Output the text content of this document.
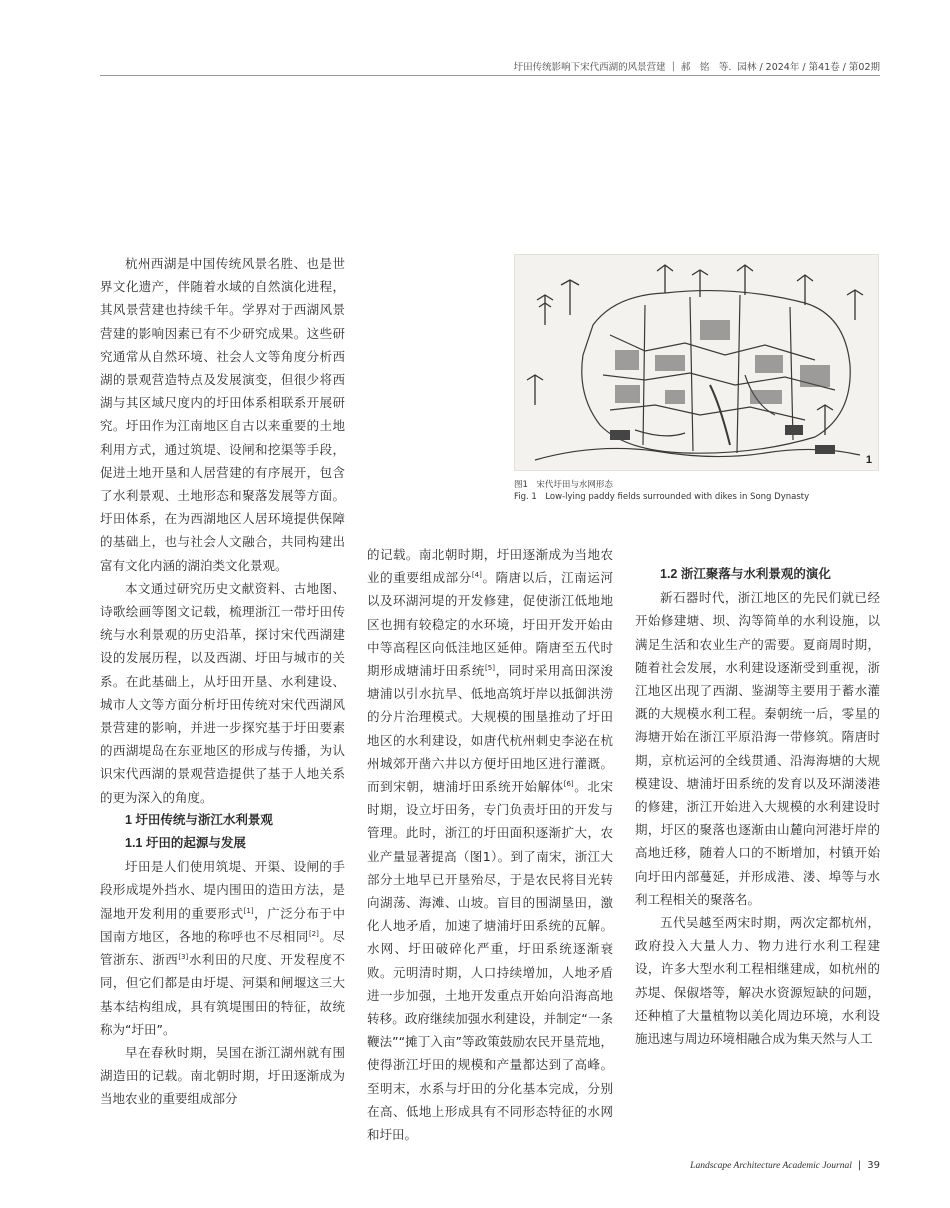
圩田传统影响下宋代西湖的风景营建 | 郝　铭　等. 园林 / 2024年 / 第41卷 / 第02期

杭州西湖是中国传统风景名胜、也是世界文化遗产，伴随着水域的自然演化进程，其风景营建也持续千年。学界对于西湖风景营建的影响因素已有不少研究成果。这些研究通常从自然环境、社会人文等角度分析西湖的景观营造特点及发展演变，但很少将西湖与其区域尺度内的圩田体系相联系开展研究。圩田作为江南地区自古以来重要的土地利用方式，通过筑堤、设闸和挖渠等手段，促进土地开垦和人居营建的有序展开，包含了水利景观、土地形态和聚落发展等方面。圩田体系，在为西湖地区人居环境提供保障的基础上，也与社会人文融合，共同构建出富有文化内涵的湖泊类文化景观。

本文通过研究历史文献资料、古地图、诗歌绘画等图文记载，梳理浙江一带圩田传统与水利景观的历史沿革，探讨宋代西湖建设的发展历程，以及西湖、圩田与城市的关系。在此基础上，从圩田开垦、水利建设、城市人文等方面分析圩田传统对宋代西湖风景营建的影响，并进一步探究基于圩田要素的西湖堤岛在东亚地区的形成与传播，为认识宋代西湖的景观营造提供了基于人地关系的更为深入的角度。

1 圩田传统与浙江水利景观

1.1 圩田的起源与发展

圩田是人们使用筑堤、开渠、设闸的手段形成堤外挡水、堤内围田的造田方法，是湿地开发利用的重要形式[1]，广泛分布于中国南方地区，各地的称呼也不尽相同[2]。尽管浙东、浙西[3]水利田的尺度、开发程度不同，但它们都是由圩堤、河渠和闸堰这三大基本结构组成，具有筑堤围田的特征，故统称为“圩田”。

早在春秋时期，吴国在浙江湖州就有围湖造田的记载。南北朝时期，圩田逐渐成为当地农业的重要组成部分

1
图1　宋代圩田与水网形态
Fig. 1　Low-lying paddy fields surrounded with dikes in Song Dynasty

的记载。南北朝时期，圩田逐渐成为当地农业的重要组成部分[4]。隋唐以后，江南运河以及环湖河堤的开发修建，促使浙江低地地区也拥有较稳定的水环境，圩田开发开始由中等高程区向低洼地区延伸。隋唐至五代时期形成塘浦圩田系统[5]，同时采用高田深浚塘浦以引水抗旱、低地高筑圩岸以抵御洪涝的分片治理模式。大规模的围垦推动了圩田地区的水利建设，如唐代杭州刺史李泌在杭州城郊开凿六井以方便圩田地区进行灌溉。而到宋朝，塘浦圩田系统开始解体[6]。北宋时期，设立圩田务，专门负责圩田的开发与管理。此时，浙江的圩田面积逐渐扩大，农业产量显著提高（图1）。到了南宋，浙江大部分土地早已开垦殆尽，于是农民将目光转向湖荡、海滩、山坡。盲目的围湖垦田，激化人地矛盾，加速了塘浦圩田系统的瓦解。水网、圩田破碎化严重，圩田系统逐渐衰败。元明清时期，人口持续增加，人地矛盾进一步加强，土地开发重点开始向沿海高地转移。政府继续加强水利建设，并制定“一条鞭法”“摊丁入亩”等政策鼓励农民开垦荒地，使得浙江圩田的规模和产量都达到了高峰。至明末，水系与圩田的分化基本完成，分别在高、低地上形成具有不同形态特征的水网和圩田。

1.2 浙江聚落与水利景观的演化

新石器时代，浙江地区的先民们就已经开始修建塘、坝、沟等简单的水利设施，以满足生活和农业生产的需要。夏商周时期，随着社会发展，水利建设逐渐受到重视，浙江地区出现了西湖、鉴湖等主要用于蓄水灌溉的大规模水利工程。秦朝统一后，零星的海塘开始在浙江平原沿海一带修筑。隋唐时期，京杭运河的全线贯通、沿海海塘的大规模建设、塘浦圩田系统的发育以及环湖溇港的修建，浙江开始进入大规模的水利建设时期，圩区的聚落也逐渐由山麓向河港圩岸的高地迁移，随着人口的不断增加，村镇开始向圩田内部蔓延，并形成港、溇、埠等与水利工程相关的聚落名。

五代吴越至两宋时期，两次定都杭州，政府投入大量人力、物力进行水利工程建设，许多大型水利工程相继建成，如杭州的苏堤、保俶塔等，解决水资源短缺的问题，还种植了大量植物以美化周边环境，水利设施迅速与周边环境相融合成为集天然与人工

Landscape Architecture Academic Journal | 39
